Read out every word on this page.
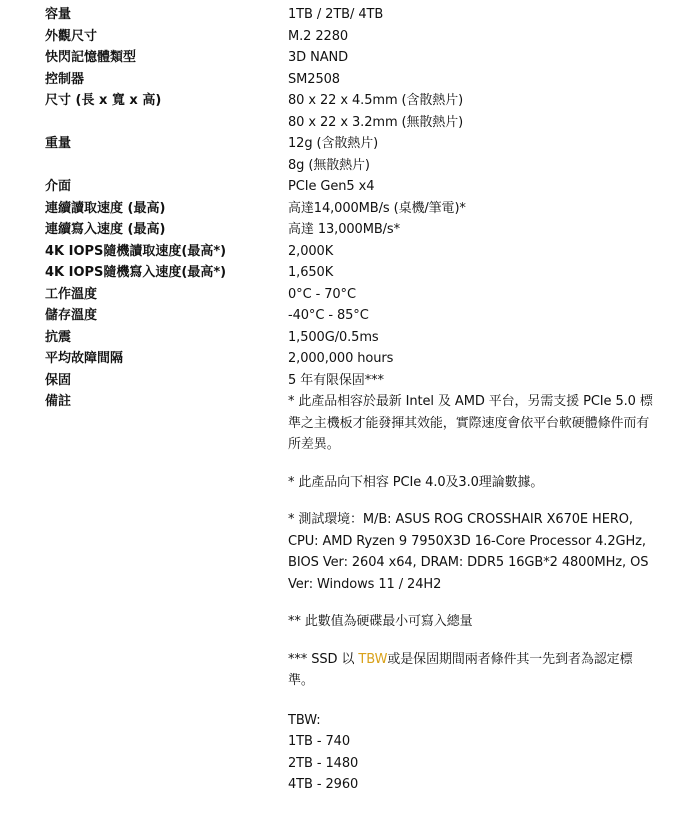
容量	1TB / 2TB/ 4TB
外觀尺寸	M.2 2280
快閃記憶體類型	3D NAND
控制器	SM2508
尺寸 (長 x 寬 x 高)	80 x 22 x 4.5mm (含散熱片)
80 x 22 x 3.2mm (無散熱片)
重量	12g (含散熱片)
8g (無散熱片)
介面	PCIe Gen5 x4
連續讀取速度 (最高)	高達14,000MB/s (桌機/筆電)*
連續寫入速度 (最高)	高達 13,000MB/s*
4K IOPS隨機讀取速度(最高*)	2,000K
4K IOPS隨機寫入速度(最高*)	1,650K
工作溫度	0°C - 70°C
儲存溫度	-40°C - 85°C
抗震	1,500G/0.5ms
平均故障間隔	2,000,000 hours
保固	5 年有限保固***
備註	* 此產品相容於最新 Intel 及 AMD 平台，另需支援 PCIe 5.0 標準之主機板才能發揮其效能，實際速度會依平台軟硬體條件而有所差異。
* 此產品向下相容 PCIe 4.0及3.0理論數據。
* 測試環境：M/B: ASUS ROG CROSSHAIR X670E HERO, CPU: AMD Ryzen 9 7950X3D 16-Core Processor 4.2GHz, BIOS Ver: 2604 x64, DRAM: DDR5 16GB*2 4800MHz, OS Ver: Windows 11 / 24H2
** 此數值為硬碟最小可寫入總量
*** SSD 以 TBW或是保固期間兩者條件其一先到者為認定標準。
TBW:
1TB - 740
2TB - 1480
4TB - 2960
